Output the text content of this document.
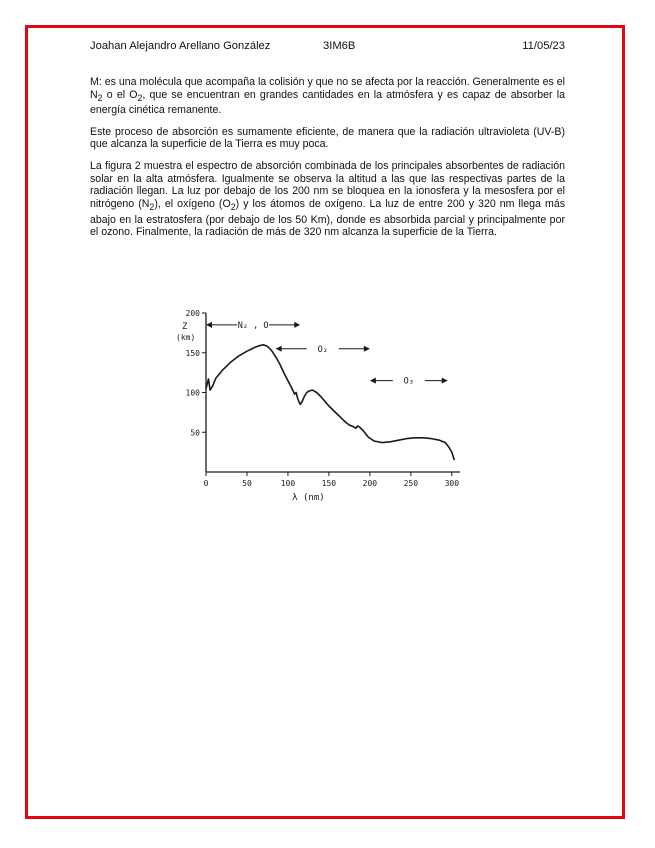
Joahan Alejandro Arellano González	3IM6B	11/05/23

M: es una molécula que acompaña la colisión y que no se afecta por la reacción. Generalmente es el $N_2$ o el $O_2$, que se encuentran en grandes cantidades en la atmósfera y es capaz de absorber la energía cinética remanente.

Este proceso de absorción es sumamente eficiente, de manera que la radiación ultravioleta (UV-B) que alcanza la superficie de la Tierra es muy poca.

La figura 2 muestra el espectro de absorción combinada de los principales absorbentes de radiación solar en la alta atmósfera. Igualmente se observa la altitud a las que las respectivas partes de la radiación llegan. La luz por debajo de los 200 nm se bloquea en la ionosfera y la mesosfera por el nitrógeno $(N_2)$, el oxígeno $(O_2)$ y los átomos de oxígeno. La luz de entre 200 y 320 nm llega más abajo en la estratosfera (por debajo de los 50 Km), donde es absorbida parcial y principalmente por el ozono. Finalmente, la radiación de más de 320 nm alcanza la superficie de la Tierra.

0	50	100	150	200	250	300
50
100
150
200
Z
(km)
λ (nm)
N₂ , O
O₂
O₃
